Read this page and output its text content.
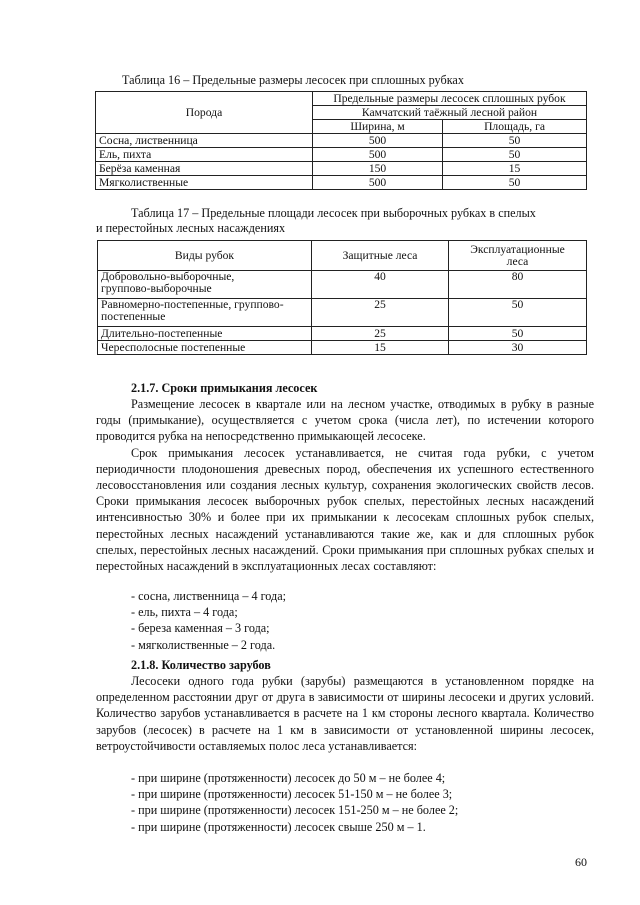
Таблица 16 – Предельные размеры лесосек при сплошных рубках
Порода	Предельные размеры лесосек сплошных рубок	
	Камчатский таёжный лесной район	
	Ширина, м	Площадь, га
Сосна, лиственница	500	50
Ель, пихта	500	50
Берёза каменная	150	15
Мягколиственные	500	50
Таблица 17 – Предельные площади лесосек при выборочных рубках в спелых
и перестойных лесных насаждениях
Виды рубок	Защитные леса	Эксплуатационные
леса

Добровольно-выборочные,
группово-выборочные	40	80

Равномерно-постепенные, группово-
постепенные	25	50
Длительно-постепенные	25	50
Чересполосные постепенные	15	30
2.1.7. Сроки примыкания лесосек

Размещение лесосек в квартале или на лесном участке, отводимых в рубку в разные годы (примыкание), осуществляется с учетом срока (числа лет), по истечении которого проводится рубка на непосредственно примыкающей лесосеке.

Срок примыкания лесосек устанавливается, не считая года рубки, с учетом периодичности плодоношения древесных пород, обеспечения их успешного естественного лесовосстановления или создания лесных культур, сохранения экологических свойств лесов. Сроки примыкания лесосек выборочных рубок спелых, перестойных лесных насаждений интенсивностью 30% и более при их примыкании к лесосекам сплошных рубок спелых, перестойных лесных насаждений устанавливаются такие же, как и для сплошных рубок спелых, перестойных лесных насаждений. Сроки примыкания при сплошных рубках спелых и перестойных насаждений в эксплуатационных лесах составляют:

- сосна, лиственница – 4 года;
- ель, пихта – 4 года;
- береза каменная – 3 года;
- мягколиственные – 2 года.
2.1.8. Количество зарубов

Лесосеки одного года рубки (зарубы) размещаются в установленном порядке на определенном расстоянии друг от друга в зависимости от ширины лесосеки и других условий. Количество зарубов устанавливается в расчете на 1 км стороны лесного квартала. Количество зарубов (лесосек) в расчете на 1 км в зависимости от установленной ширины лесосек, ветроустойчивости оставляемых полос леса устанавливается:

- при ширине (протяженности) лесосек до 50 м – не более 4;
- при ширине (протяженности) лесосек 51-150 м – не более 3;
- при ширине (протяженности) лесосек 151-250 м – не более 2;
- при ширине (протяженности) лесосек свыше 250 м – 1.
60
